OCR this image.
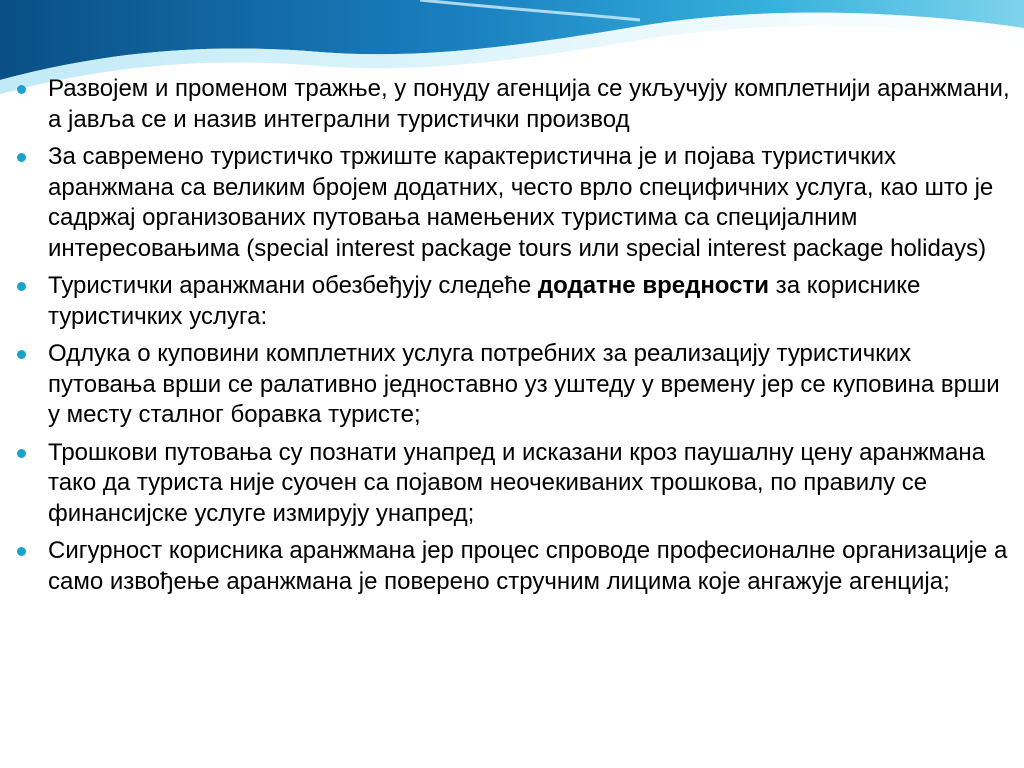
Развојем и променом тражње, у понуду агенција се укључују комплетнији аранжмани, а јавља се и назив интегрални туристички производ
За савремено туристичко тржиште карактеристична је и појава туристичких аранжмана са великим бројем додатних, често врло специфичних услуга, као што је садржај организованих путовања намењених туристима са специјалним интересовањима (special interest package tours или special interest package holidays)
Туристички аранжмани обезбеђују следеће додатне вредности за кориснике туристичких услуга:
Одлука о куповини комплетних услуга потребних за реализацију туристичких путовања врши се ралативно једноставно уз уштеду у времену јер се куповина врши у месту сталног боравка туристе;
Трошкови путовања су познати унапред и исказани кроз паушалну цену аранжмана тако да туриста није суочен са појавом неочекиваних трошкова, по правилу се финансијске услуге измирују унапред;
Сигурност корисника аранжмана јер процес спроводе професионалне организације а само извођење аранжмана је поверено стручним лицима које ангажује агенција;
